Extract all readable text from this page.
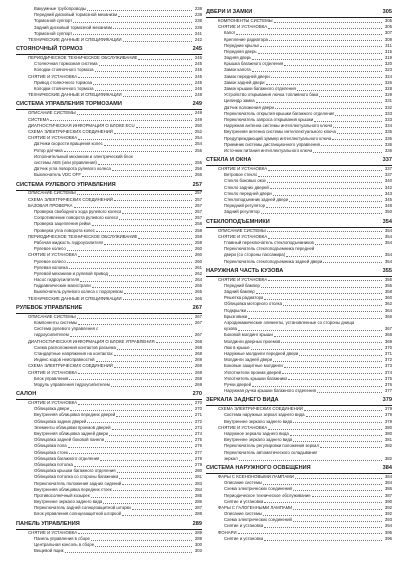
Вакуумные трубопроводы	238
Передний дисковый тормозной механизм	238
Тормозной суппорт	238
Задний дисковый тормозной механизм	239
Тормозной суппорт	241
ТЕХНИЧЕСКИЕ ДАННЫЕ И СПЕЦИФИКАЦИИ	242
СТОЯНОЧНЫЙ ТОРМОЗ	245
ПЕРИОДИЧЕСКОЕ ТЕХНИЧЕСКОЕ ОБСЛУЖИВАНИЕ	245
Стояночная тормозная система	245
Колодки стояночного тормоза	245
СНЯТИЕ И УСТАНОВКА	245
Привод стояночного тормоза	245
Колодки стояночного тормоза	246
ТЕХНИЧЕСКИЕ ДАННЫЕ И СПЕЦИФИКАЦИИ	248
СИСТЕМА УПРАВЛЕНИЯ ТОРМОЗАМИ	249
ОПИСАНИЕ СИСТЕМЫ	249
СИСТЕМА	249
ДИАГНОСТИЧЕСКАЯ ИНФОРМАЦИЯ О БЛОКЕ ECU	250
СХЕМА ЭЛЕКТРИЧЕСКИХ СОЕДИНЕНИЙ	252
СНЯТИЕ И УСТАНОВКА	254
Датчики скорости вращения колес	254
Ротор датчика	255
Исполнительный механизм и электрический блок
системы ABS (или управления)	255
Датчик угла поворота рулевого колеса	256
Выключатель VDC OFF	256
СИСТЕМА РУЛЕВОГО УПРАВЛЕНИЯ	257
ОПИСАНИЕ СИСТЕМЫ	257
СХЕМА ЭЛЕКТРИЧЕСКИХ СОЕДИНЕНИЙ	257
БАЗОВАЯ ПРОВЕРКА	257
Проверка свободного хода рулевого колеса	257
Сопротивление поворота рулевого колеса	257
Проверка зацепления рейки	258
Проверка угла поворота колес	258
ПЕРИОДИЧЕСКОЕ ТЕХНИЧЕСКОЕ ОБСЛУЖИВАНИЕ	259
Рабочая жидкость гидроусилителя	259
Рулевое колесо	260
СНЯТИЕ И УСТАНОВКА	260
Рулевое колесо	260
Рулевая колонка	261
Рулевой механизм и рулевой привод	262
Насос гидроусилителя	264
Гидравлические магистрали	265
Выключатель рулевого колеса с подогревом	265
ТЕХНИЧЕСКИЕ ДАННЫЕ И СПЕЦИФИКАЦИИ	266
РУЛЕВОЕ УПРАВЛЕНИЕ	267
ОПИСАНИЕ СИСТЕМЫ	267
Компоненты системы	267
Система рулевого управления с
гидроусилителем	267
ДИАГНОСТИЧЕСКАЯ ИНФОРМАЦИЯ О БЛОКЕ УПРАВЛЕНИЯ	268
Схема расположения контактов разъема	268
Стандартные напряжения на контактах	268
Индекс кодов неисправностей	269
СХЕМА ЭЛЕКТРИЧЕСКИХ СОЕДИНЕНИЙ	269
СНЯТИЕ И УСТАНОВКА	269
Блок управления	269
Модуль управления гидроусилителем	269
САЛОН	270
СНЯТИЕ И УСТАНОВКА	270
Облицовка двери	270
Внутренняя облицовка передних дверей	271
Облицовка задних дверей	272
Элементы облицовки проемов дверей	273
Внутренняя облицовка задней двери	274
Облицовка задней боковой панели	275
Облицовка пола	276
Облицовка стоек	277
Облицовка багажного отделения	278
Облицовка потолка	279
Облицовка крышки багажного отделения	280
Облицовка потолка со стороны багажника	281
Переключатель положения задних сидений	283
Внутренняя облицовка передних стоек	284
Противосолнечный козырек	285
Внутреннее зеркало заднего вида	286
Переключатель задней солнцезащитной шторки	287
Блок управления солнцезащитной шторкой	288
ПАНЕЛЬ УПРАВЛЕНИЯ	289
СНЯТИЕ И УСТАНОВКА	289
Панель управления в сборе	289
Центральная консоль в сборе	300
Вещевой ящик	303
ДВЕРИ И ЗАМКИ	305
КОМПОНЕНТЫ СИСТЕМЫ	305
СНЯТИЕ И УСТАНОВКА	305
Капот	307
Крепление радиатора	308
Передние крылья	311
Передняя дверь	315
Задняя дверь	319
Крышка багажного отделения	320
Замок капота	323
Замок передней двери	324
Замок задней двери	326
Замок крышки багажного отделения	328
Устройство открывания лючка топливного бака	329
Цилиндр замка	331
Датчик положения двери	332
Переключатель открытия крышки багажного отделения	333
Переключатель запроса открывания крышки	333
Наружная антенна системы интеллектуального ключа	334
Внутренняя антенна системы интеллектуального ключа	335
Предупреждающий зуммер интеллектуального ключа	336
Приемник системы дистанционного управления	336
Источник питания интеллектуального ключа	336
СТЕКЛА И ОКНА	337
СНЯТИЕ И УСТАНОВКА	337
Ветровое стекло	337
Стекло боковых окон	340
Стекло задних дверей	342
Стекло передней двери	343
Стеклоподъемник задней двери	345
Передний регулятор	348
Задний регулятор	350
СТЕКЛОПОДЪЕМНИКИ	354
ОПИСАНИЕ СИСТЕМЫ	354
СНЯТИЕ И УСТАНОВКА	354
Главный переключатель стеклоподъемников	354
Переключатель стеклоподъемника передней
двери (со стороны пассажира)	354
Переключатель стеклоподъемника задней двери	354
НАРУЖНАЯ ЧАСТЬ КУЗОВА	355
СНЯТИЕ И УСТАНОВКА	355
Передний бампер	356
Задний бампер	358
Решетка радиатора	360
Облицовка моторного отсека	362
Подкрылки	364
Брызговики	366
Аэродинамические элементы, установленные со стороны днища
кузова	367
Боковой молдинг крыши	368
Молдинги дверных проемов	369
Люк в крыше	370
Наружные молдинги передней двери	371
Молдинги задней двери	372
Боковые защитные молдинги	373
Уплотнители проема дверей	374
Уплотнитель крышки багажника	375
Ручки дверей	376
Наружная ручка крышки багажного отделения	377
ЗЕРКАЛА ЗАДНЕГО ВИДА	379
СХЕМА ЭЛЕКТРИЧЕСКИХ СОЕДИНЕНИЙ	379
Система наружных зеркал заднего вида	379
Внутреннее зеркало заднего вида	379
СНЯТИЕ И УСТАНОВКА	380
Наружное зеркало заднего вида	380
Внутреннее зеркало заднего вида	381
Переключатель регулировки положения зеркал	382
Переключатель автоматического складывания
зеркал	382
СИСТЕМА НАРУЖНОГО ОСВЕЩЕНИЯ	384
ФАРЫ С КСЕНОНОВЫМИ ЛАМПАМИ	384
Описание системы	384
Схема электрических соединений	386
Периодическое техническое обслуживание	387
Снятие и установка	390
ФАРЫ С ГАЛОГЕННЫМИ ЛАМПАМИ	392
Описание системы	392
Схема электрических соединений	393
Снятие и установка	394
ФОНАРИ	395
Снятие и установка	396
